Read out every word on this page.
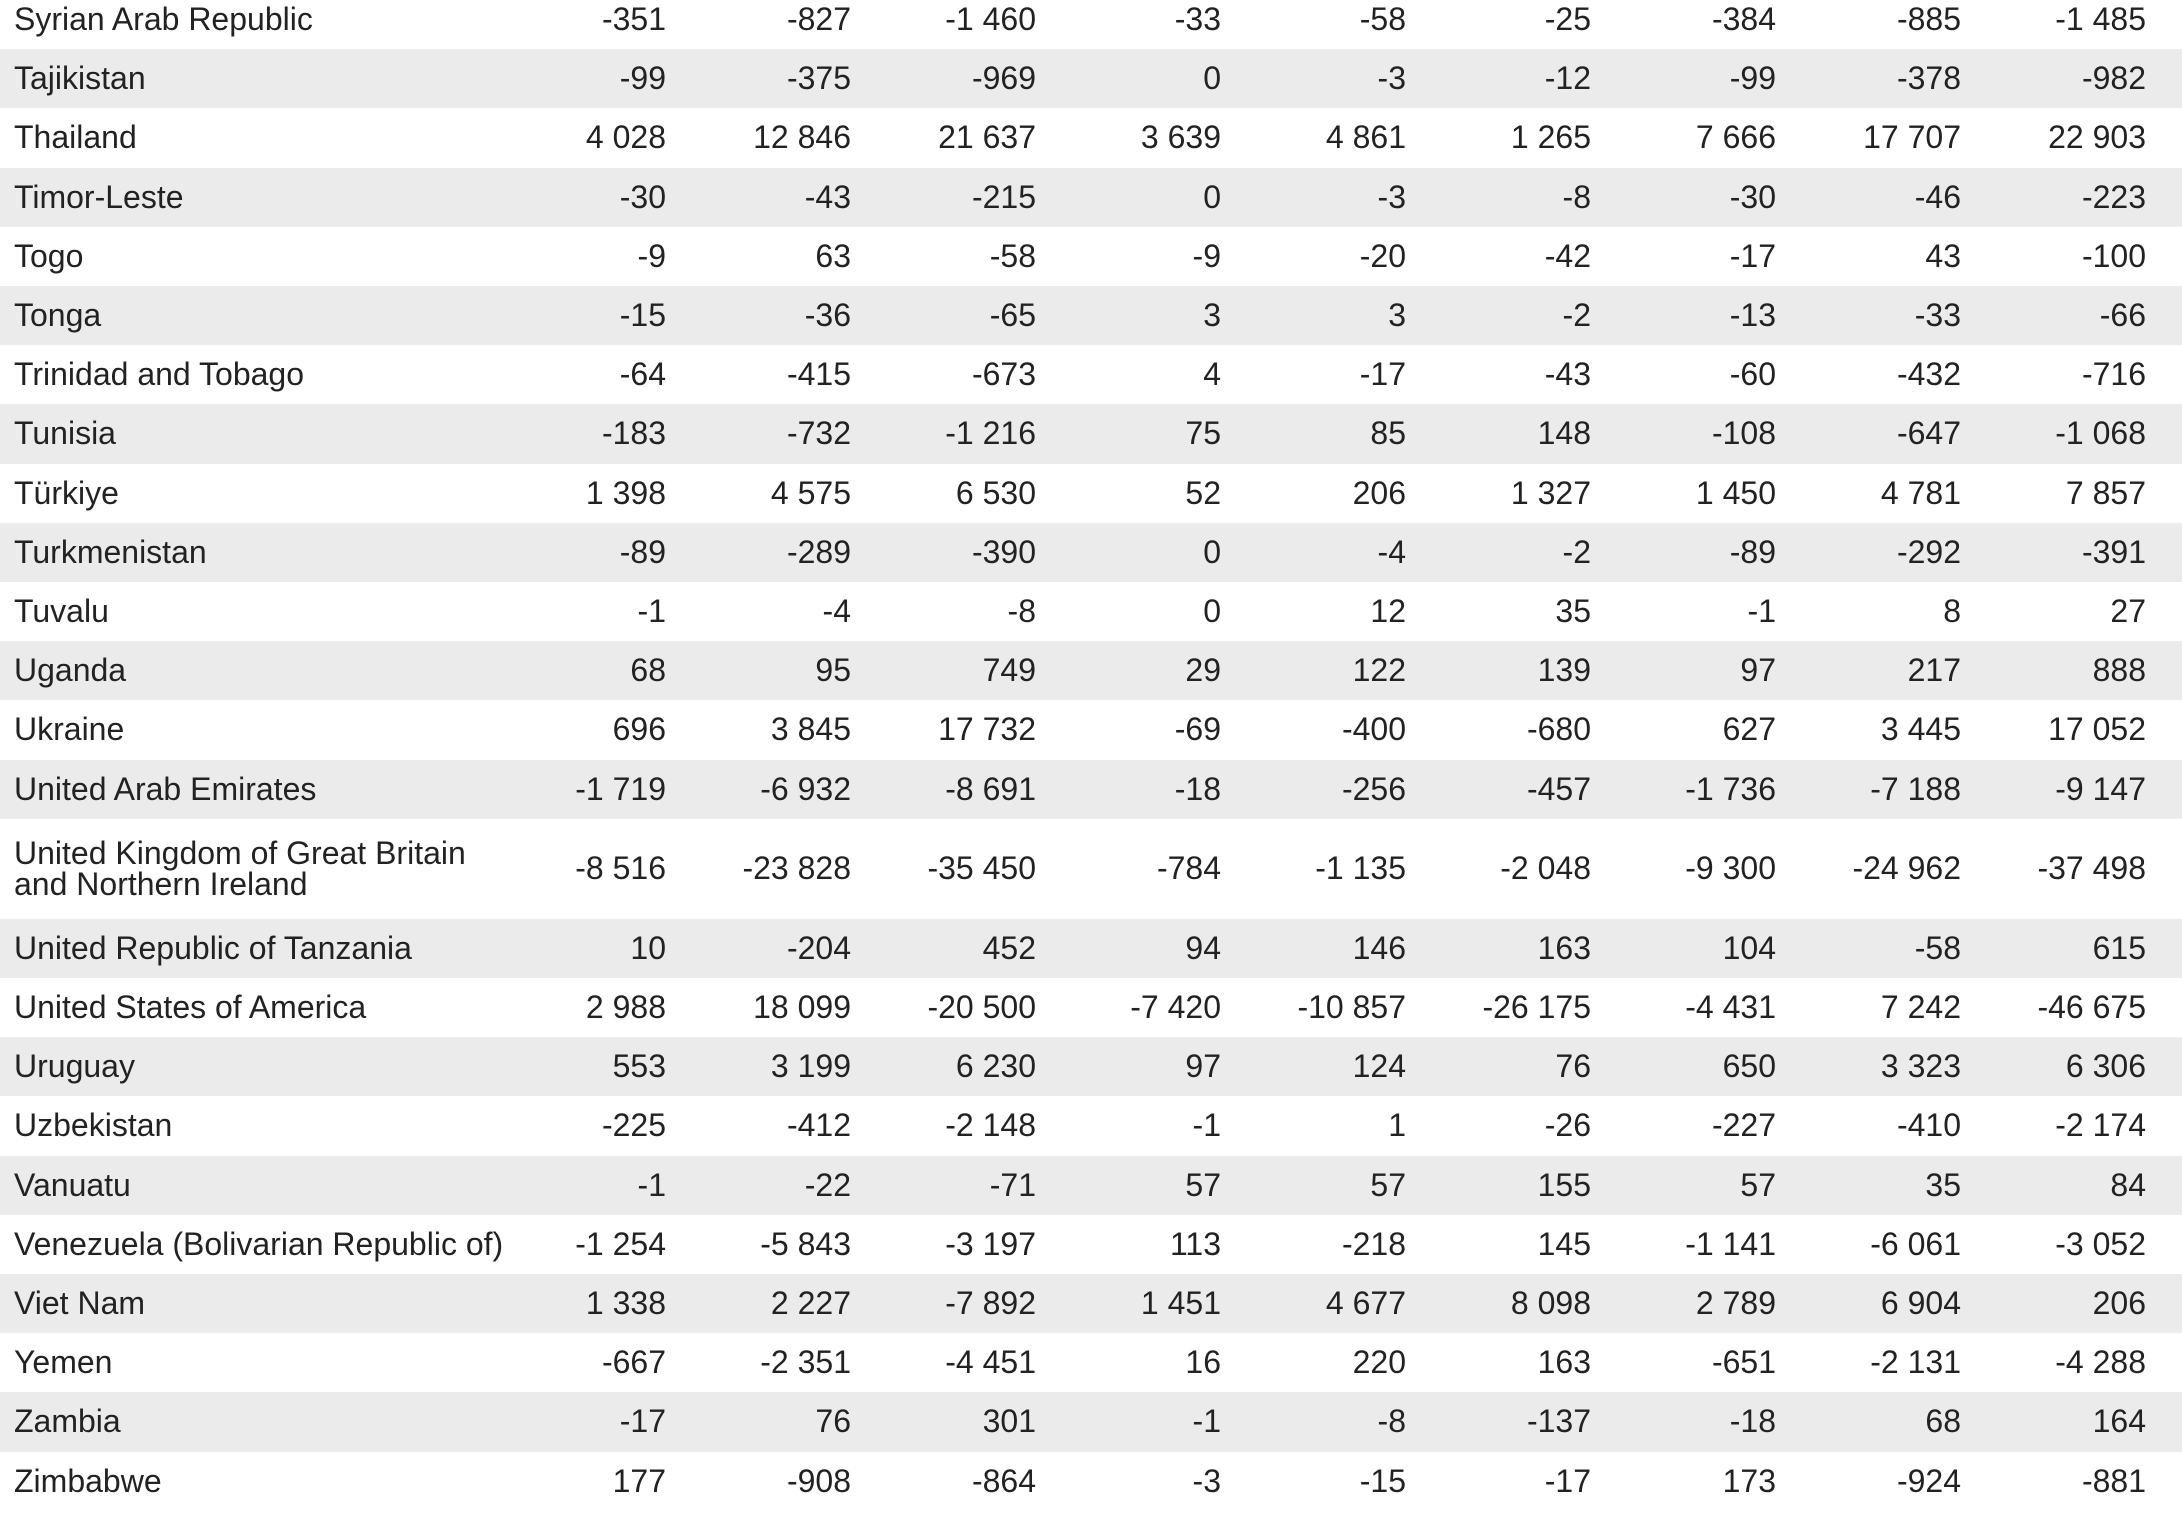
Syrian Arab Republic	-351	-827	-1 460	-33	-58	-25	-384	-885	-1 485
Tajikistan	-99	-375	-969	0	-3	-12	-99	-378	-982
Thailand	4 028	12 846	21 637	3 639	4 861	1 265	7 666	17 707	22 903
Timor-Leste	-30	-43	-215	0	-3	-8	-30	-46	-223
Togo	-9	63	-58	-9	-20	-42	-17	43	-100
Tonga	-15	-36	-65	3	3	-2	-13	-33	-66
Trinidad and Tobago	-64	-415	-673	4	-17	-43	-60	-432	-716
Tunisia	-183	-732	-1 216	75	85	148	-108	-647	-1 068
Türkiye	1 398	4 575	6 530	52	206	1 327	1 450	4 781	7 857
Turkmenistan	-89	-289	-390	0	-4	-2	-89	-292	-391
Tuvalu	-1	-4	-8	0	12	35	-1	8	27
Uganda	68	95	749	29	122	139	97	217	888
Ukraine	696	3 845	17 732	-69	-400	-680	627	3 445	17 052
United Arab Emirates	-1 719	-6 932	-8 691	-18	-256	-457	-1 736	-7 188	-9 147
United Kingdom of Great Britain and Northern Ireland	-8 516	-23 828	-35 450	-784	-1 135	-2 048	-9 300	-24 962	-37 498
United Republic of Tanzania	10	-204	452	94	146	163	104	-58	615
United States of America	2 988	18 099	-20 500	-7 420	-10 857	-26 175	-4 431	7 242	-46 675
Uruguay	553	3 199	6 230	97	124	76	650	3 323	6 306
Uzbekistan	-225	-412	-2 148	-1	1	-26	-227	-410	-2 174
Vanuatu	-1	-22	-71	57	57	155	57	35	84
Venezuela (Bolivarian Republic of)	-1 254	-5 843	-3 197	113	-218	145	-1 141	-6 061	-3 052
Viet Nam	1 338	2 227	-7 892	1 451	4 677	8 098	2 789	6 904	206
Yemen	-667	-2 351	-4 451	16	220	163	-651	-2 131	-4 288
Zambia	-17	76	301	-1	-8	-137	-18	68	164
Zimbabwe	177	-908	-864	-3	-15	-17	173	-924	-881
